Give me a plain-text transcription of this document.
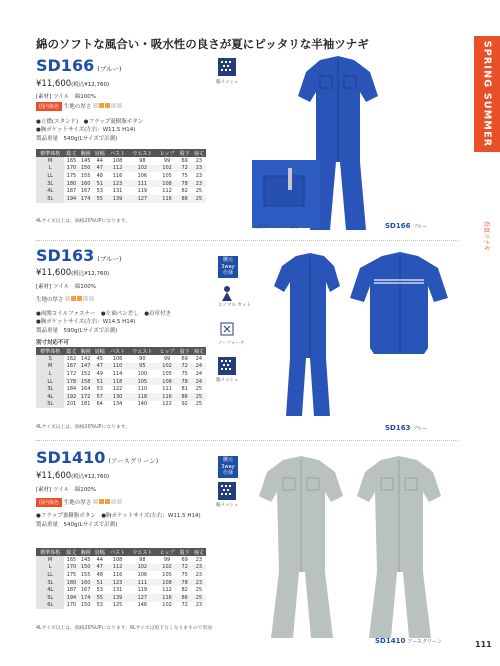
綿のソフトな風合い・吸水性の良さが夏にピッタリな半袖ツナギ	SPRING SUMMER
春夏ツナギ
SD166 (ブルー)
¥11,600(税込¥12,760)
[素材] ツイル　綿100%
国内染色 生地の厚さ
●立襟(スタンド)　●フラップ裏樹脂ボタン
●胸ポケットサイズ(左右：W11.5 H14)
製品重量　540g(Lサイズで計測)
標準体格	総丈	胸囲	肩幅	バスト	ウエスト	ヒップ	股下	袖丈
M	165	145	44	108	98	99	69	23
L	170	150	47	112	102	102	72	23
LL	175	155	48	116	106	105	75	23
3L	180	160	51	123	111	108	78	23
4L	187	167	53	131	119	112	82	25
5L	194	174	55	139	127	116	86	25
4Lサイズ以上は、価格20%UPになります。
脇メッシュ
左胸ポケットペン差し	SD166 ブルー
SD163 (ブルー)
¥11,600(税込¥12,760)
[素材] ツイル　綿100%
生地の厚さ
●両開コイルファスナー　●左袖ペン差し　●肩章付き
●胸ポケットサイズ(左右：W14.5 H14)
製品重量　590g(Lサイズで計測)
別寸対応不可
標準体格	総丈	胸囲	肩幅	バスト	ウエスト	ヒップ	股下	袖丈
S	162	142	45	106	90	99	69	24
M	167	147	47	110	95	102	72	24
L	172	152	49	114	100	105	75	24
LL	178	158	51	118	105	108	78	24
3L	184	164	53	122	110	111	81	25
4L	192	172	57	130	118	116	86	25
5L	201	181	64	134	140	122	92	25
4Lサイズ以上は、価格20%UPになります。
腰元
3way
仕様
ヒノマル カット
ノーフォーク
脇メッシュ
SD163 ブルー
SD1410 (アースグリーン)
¥11,600(税込¥12,760)
[素材] ツイル　綿100%
国内染色 生地の厚さ
●フラップ裏樹脂ボタン　●胸ポケットサイズ(左右：W11.5 H14)
製品重量　540g(Lサイズで計測)
標準体格	総丈	胸囲	肩幅	バスト	ウエスト	ヒップ	股下	袖丈
M	165	145	44	108	98	99	69	23
L	170	150	47	112	102	102	72	23
LL	175	155	48	116	106	105	75	23
3L	180	160	51	123	111	108	78	23
4L	187	167	53	131	119	112	82	25
5L	194	174	55	139	127	116	86	25
6L	170	150	53	125	146	102	72	23
4Lサイズ以上は、価格20%UPになります。6Lサイズは股下なくなりますので別途
腰元
3way
仕様
脇メッシュ
SD1410 アースグリーン	111
